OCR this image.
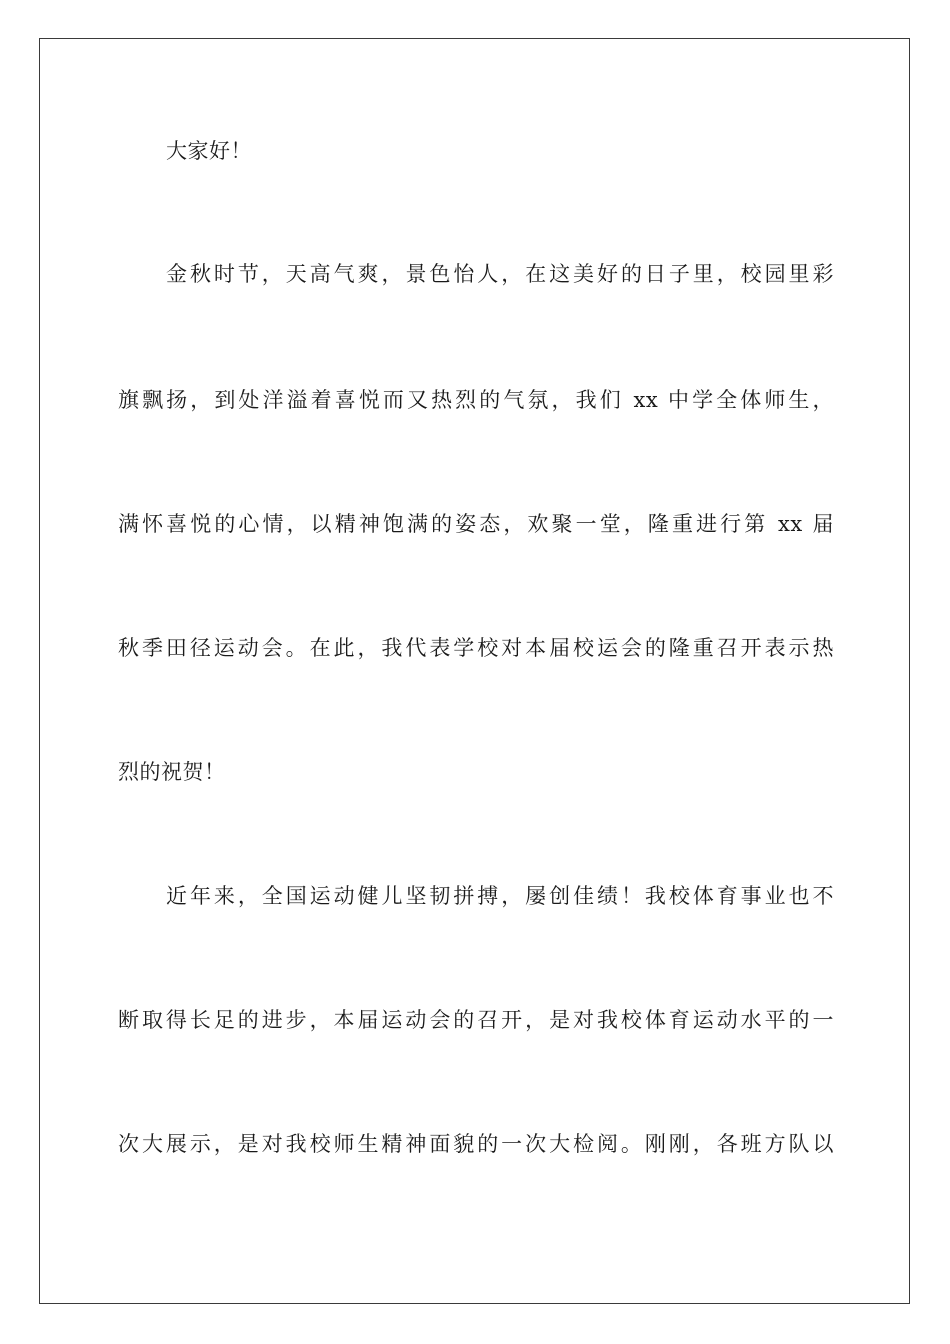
大家好！
金秋时节，天高气爽，景色怡人，在这美好的日子里，校园里彩
旗飘扬，到处洋溢着喜悦而又热烈的气氛，我们 xx 中学全体师生，
满怀喜悦的心情，以精神饱满的姿态，欢聚一堂，隆重进行第 xx 届
秋季田径运动会。在此，我代表学校对本届校运会的隆重召开表示热
烈的祝贺！
近年来，全国运动健儿坚韧拼搏，屡创佳绩！我校体育事业也不
断取得长足的进步，本届运动会的召开，是对我校体育运动水平的一
次大展示，是对我校师生精神面貌的一次大检阅。刚刚，各班方队以
